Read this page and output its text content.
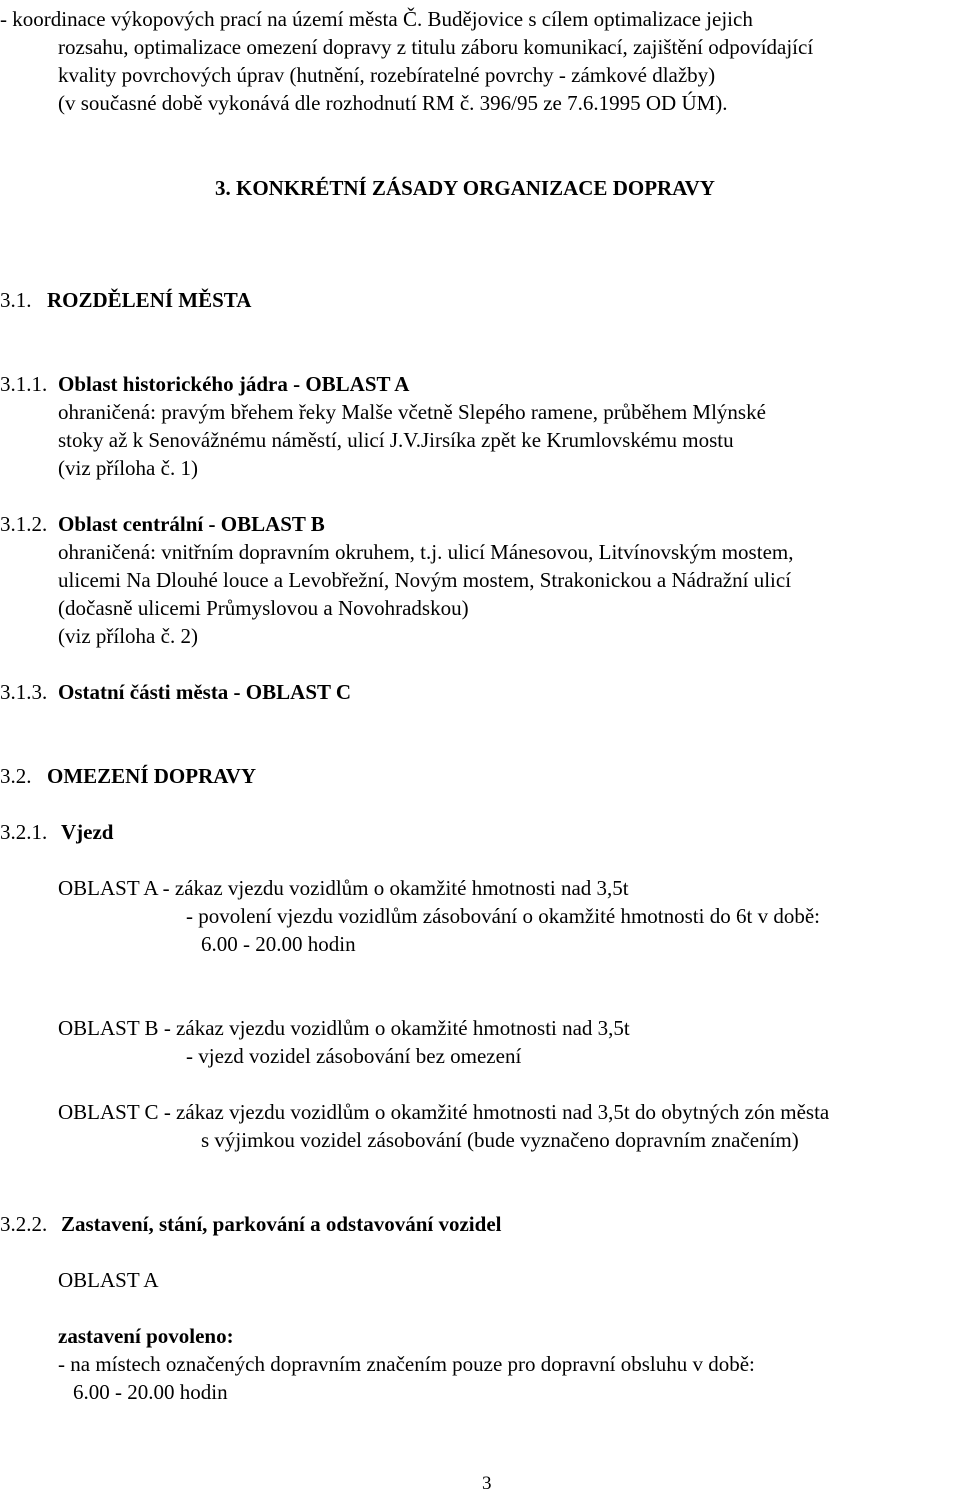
- koordinace výkopových prací na území města Č. Budějovice s cílem optimalizace jejich
rozsahu, optimalizace omezení dopravy z titulu záboru komunikací, zajištění odpovídající
kvality povrchových úprav (hutnění, rozebíratelné povrchy - zámkové dlažby)
(v současné době vykonává dle rozhodnutí RM č. 396/95 ze 7.6.1995 OD ÚM).
3. KONKRÉTNÍ ZÁSADY ORGANIZACE DOPRAVY
3.1. ROZDĚLENÍ MĚSTA
3.1.1. Oblast historického jádra - OBLAST A
ohraničená: pravým břehem řeky Malše včetně Slepého ramene, průběhem Mlýnské
stoky až k Senovážnému náměstí, ulicí J.V.Jirsíka zpět ke Krumlovskému mostu
(viz příloha č. 1)
3.1.2. Oblast centrální - OBLAST B
ohraničená: vnitřním dopravním okruhem, t.j. ulicí Mánesovou, Litvínovským mostem,
ulicemi Na Dlouhé louce a Levobřežní, Novým mostem, Strakonickou a Nádražní ulicí
(dočasně ulicemi Průmyslovou a Novohradskou)
(viz příloha č. 2)
3.1.3. Ostatní části města - OBLAST C
3.2. OMEZENÍ DOPRAVY
3.2.1. Vjezd
OBLAST A - zákaz vjezdu vozidlům o okamžité hmotnosti nad 3,5t
- povolení vjezdu vozidlům zásobování o okamžité hmotnosti do 6t v době:
6.00 - 20.00 hodin
OBLAST B - zákaz vjezdu vozidlům o okamžité hmotnosti nad 3,5t
- vjezd vozidel zásobování bez omezení
OBLAST C - zákaz vjezdu vozidlům o okamžité hmotnosti nad 3,5t do obytných zón města
s výjimkou vozidel zásobování (bude vyznačeno dopravním značením)
3.2.2. Zastavení, stání, parkování a odstavování vozidel
OBLAST A
zastavení povoleno:
- na místech označených dopravním značením pouze pro dopravní obsluhu v době:
6.00 - 20.00 hodin
3
